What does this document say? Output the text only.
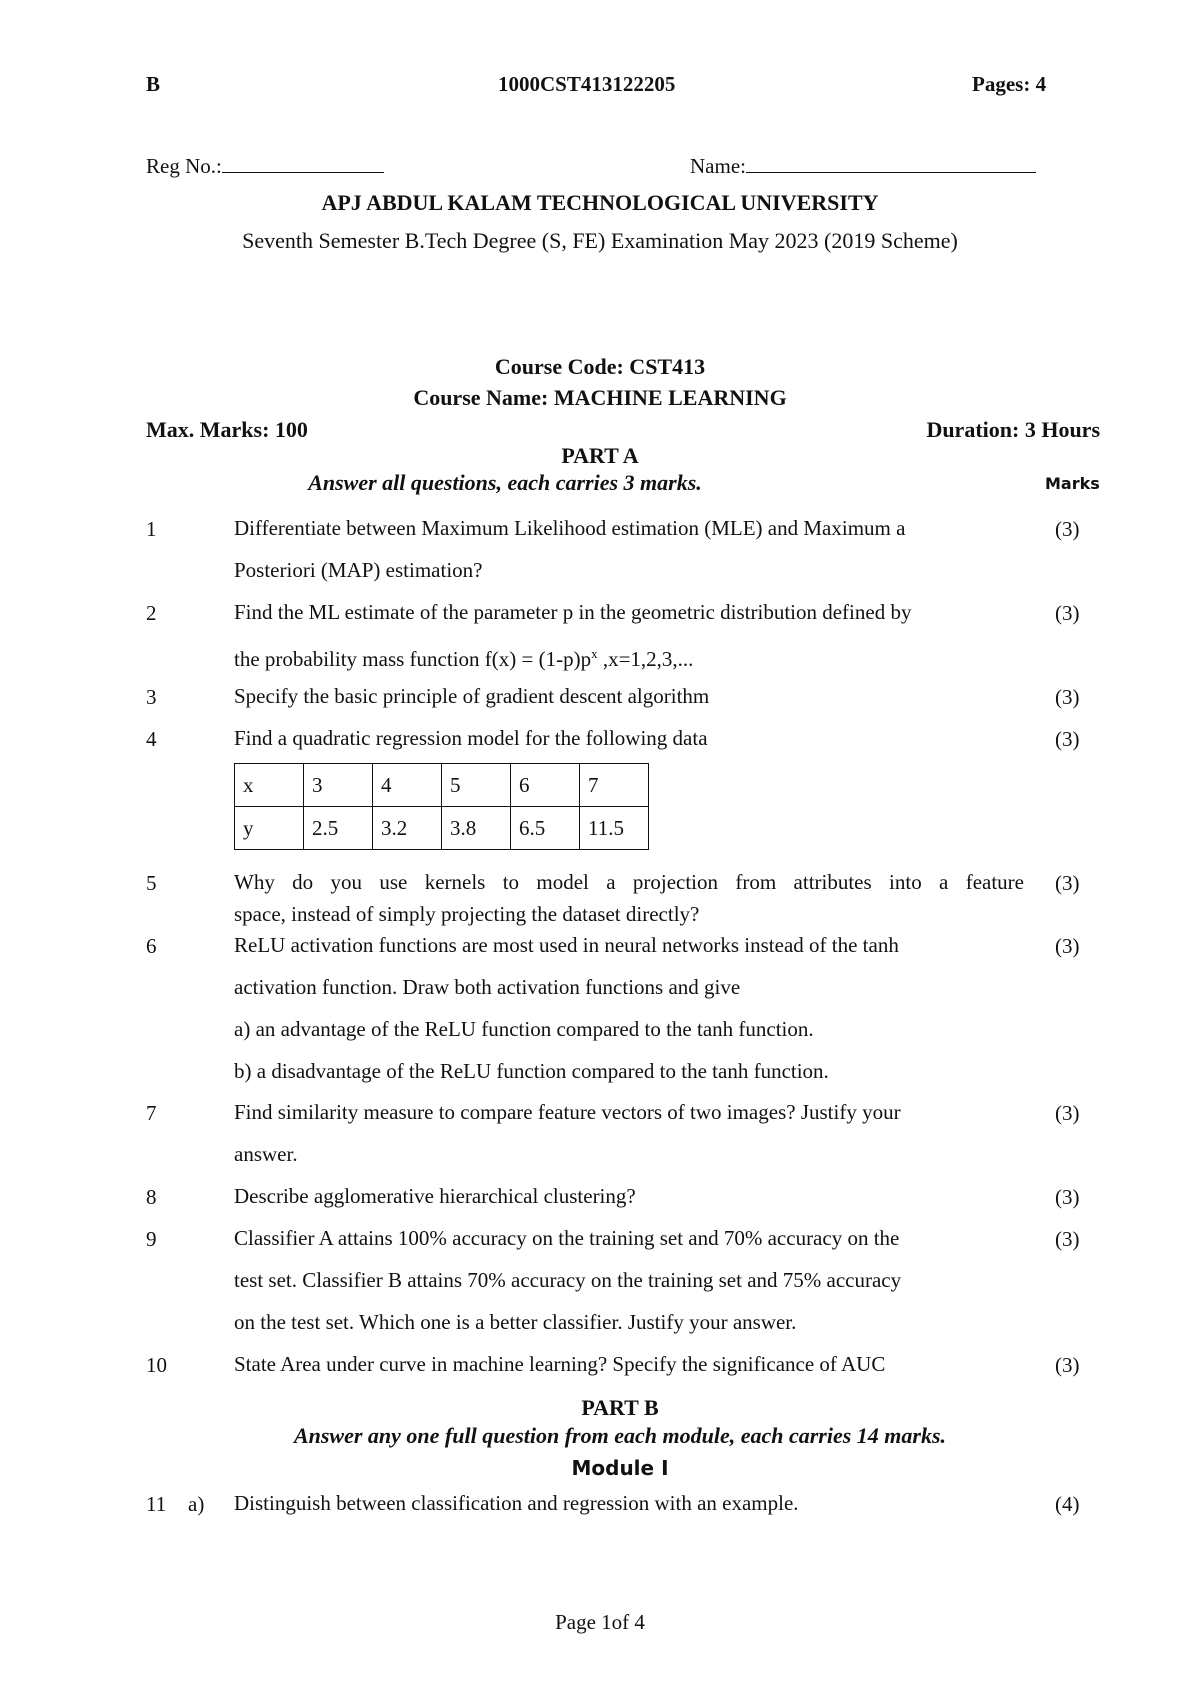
B	1000CST413122205	Pages: 4
Reg No.:	Name:
APJ ABDUL KALAM TECHNOLOGICAL UNIVERSITY
Seventh Semester B.Tech Degree (S, FE) Examination May 2023 (2019 Scheme)
Course Code: CST413
Course Name: MACHINE LEARNING
Max. Marks: 100	Duration: 3 Hours
PART A
Answer all questions, each carries 3 marks.	Marks
1	Differentiate between Maximum Likelihood estimation (MLE) and Maximum a
Posteriori (MAP) estimation?
(3)
2	Find the ML estimate of the parameter p in the geometric distribution defined by
the probability mass function $f(x) = (1-p)p^x$ ,x=1,2,3,...
(3)
3	Specify the basic principle of gradient descent algorithm	(3)
4	Find a quadratic regression model for the following data	(3)
x	3	4	5	6	7
y	2.5	3.2	3.8	6.5	11.5
5	Why do you use kernels to model a projection from attributes into a feature
space, instead of simply projecting the dataset directly?
(3)
6	ReLU activation functions are most used in neural networks instead of the tanh
activation function. Draw both activation functions and give
a) an advantage of the ReLU function compared to the tanh function.
b) a disadvantage of the ReLU function compared to the tanh function.
(3)
7	Find similarity measure to compare feature vectors of two images? Justify your
answer.
(3)
8	Describe agglomerative hierarchical clustering?	(3)
9	Classifier A attains 100% accuracy on the training set and 70% accuracy on the
test set. Classifier B attains 70% accuracy on the training set and 75% accuracy
on the test set. Which one is a better classifier. Justify your answer.
(3)
10	State Area under curve in machine learning? Specify the significance of AUC	(3)
PART B
Answer any one full question from each module, each carries 14 marks.
Module I
11 a) Distinguish between classification and regression with an example.	(4)
Page 1of 4
